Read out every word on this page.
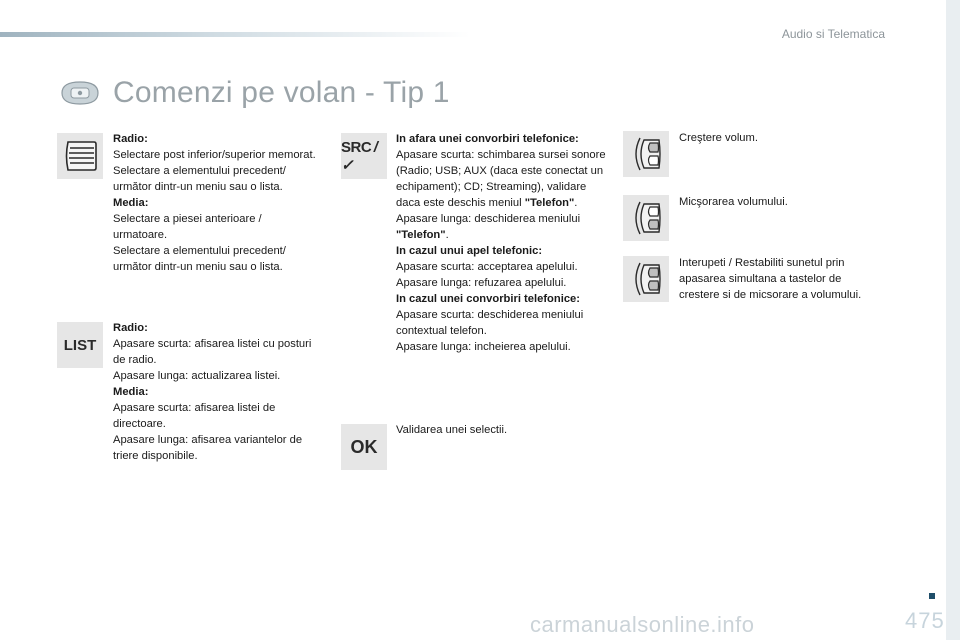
Audio si Telematica
Comenzi pe volan - Tip 1

Radio:

Selectare post inferior/superior memorat.

Selectare a elementului precedent/ următor dintr-un meniu sau o lista.

Media:

Selectare a piesei anterioare / urmatoare.

Selectare a elementului precedent/ următor dintr-un meniu sau o lista.

LIST

Radio:

Apasare scurta: afisarea listei cu posturi de radio.

Apasare lunga: actualizarea listei.

Media:

Apasare scurta: afisarea listei de directoare.

Apasare lunga: afisarea variantelor de triere disponibile.

SRC  /✓

In afara unei convorbiri telefonice:

Apasare scurta: schimbarea sursei sonore (Radio; USB; AUX (daca este conectat un echipament); CD; Streaming), validare daca este deschis meniul "Telefon".

Apasare lunga: deschiderea meniului "Telefon".

In cazul unui apel telefonic:

Apasare scurta: acceptarea apelului.

Apasare lunga: refuzarea apelului.

In cazul unei convorbiri telefonice:

Apasare scurta: deschiderea meniului contextual telefon.

Apasare lunga: incheierea apelului.

OK

Validarea unei selectii.

Creştere volum.

Micşorarea volumului.

Interupeti / Restabiliti sunetul prin apasarea simultana a tastelor de crestere si de micsorare a volumului.

carmanualsonline.info	475
